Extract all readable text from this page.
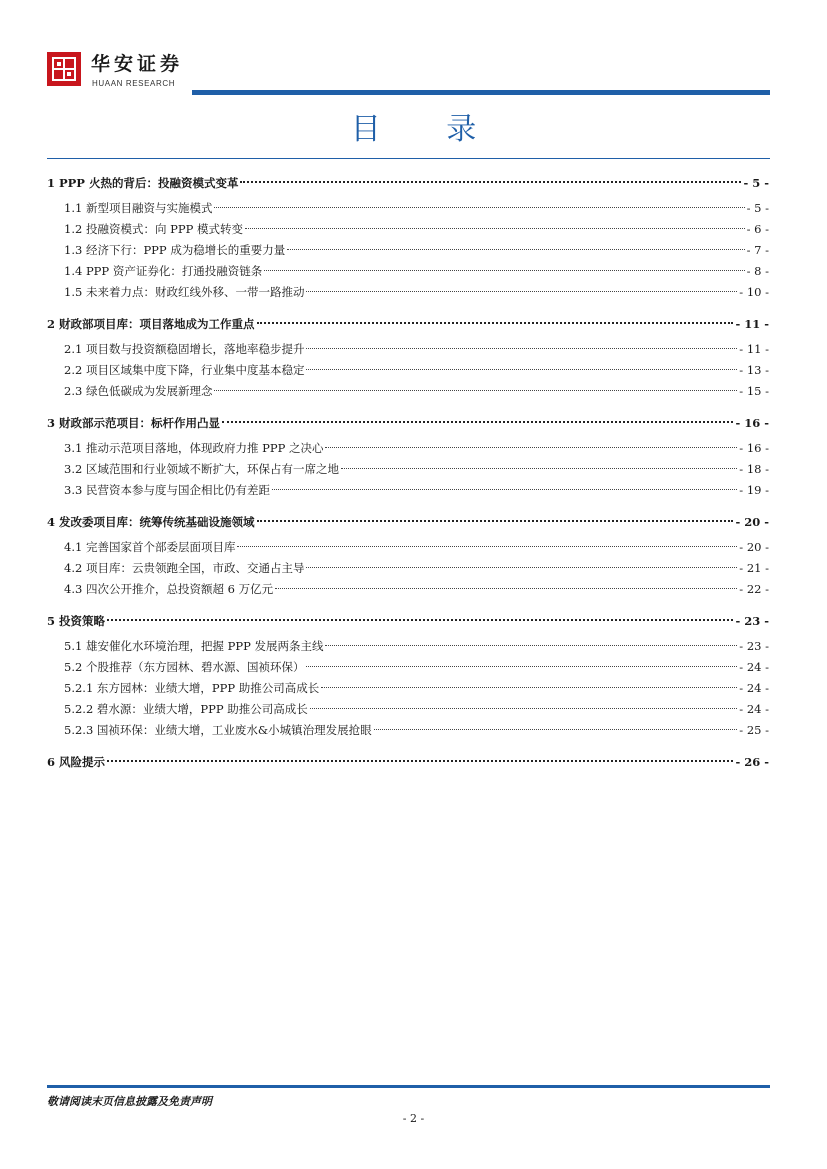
华安证券
HUAAN RESEARCH
目 录
1 PPP 火热的背后：投融资模式变革	- 5 -
1.1 新型项目融资与实施模式	- 5 -
1.2 投融资模式：向 PPP 模式转变	- 6 -
1.3 经济下行：PPP 成为稳增长的重要力量	- 7 -
1.4 PPP 资产证券化：打通投融资链条	- 8 -
1.5 未来着力点：财政红线外移、一带一路推动	- 10 -
2 财政部项目库：项目落地成为工作重点	- 11 -
2.1 项目数与投资额稳固增长，落地率稳步提升	- 11 -
2.2 项目区域集中度下降，行业集中度基本稳定	- 13 -
2.3 绿色低碳成为发展新理念	- 15 -
3 财政部示范项目：标杆作用凸显	- 16 -
3.1 推动示范项目落地，体现政府力推 PPP 之决心	- 16 -
3.2 区域范围和行业领域不断扩大，环保占有一席之地	- 18 -
3.3 民营资本参与度与国企相比仍有差距	- 19 -
4 发改委项目库：统筹传统基础设施领域	- 20 -
4.1 完善国家首个部委层面项目库	- 20 -
4.2 项目库：云贵领跑全国，市政、交通占主导	- 21 -
4.3 四次公开推介，总投资额超 6 万亿元	- 22 -
5 投资策略	- 23 -
5.1 雄安催化水环境治理，把握 PPP 发展两条主线	- 23 -
5.2 个股推荐（东方园林、碧水源、国祯环保）	- 24 -
5.2.1 东方园林：业绩大增，PPP 助推公司高成长	- 24 -
5.2.2 碧水源：业绩大增，PPP 助推公司高成长	- 24 -
5.2.3 国祯环保：业绩大增，工业废水&小城镇治理发展抢眼	- 25 -
6 风险提示	- 26 -
敬请阅读末页信息披露及免责声明
- 2 -
